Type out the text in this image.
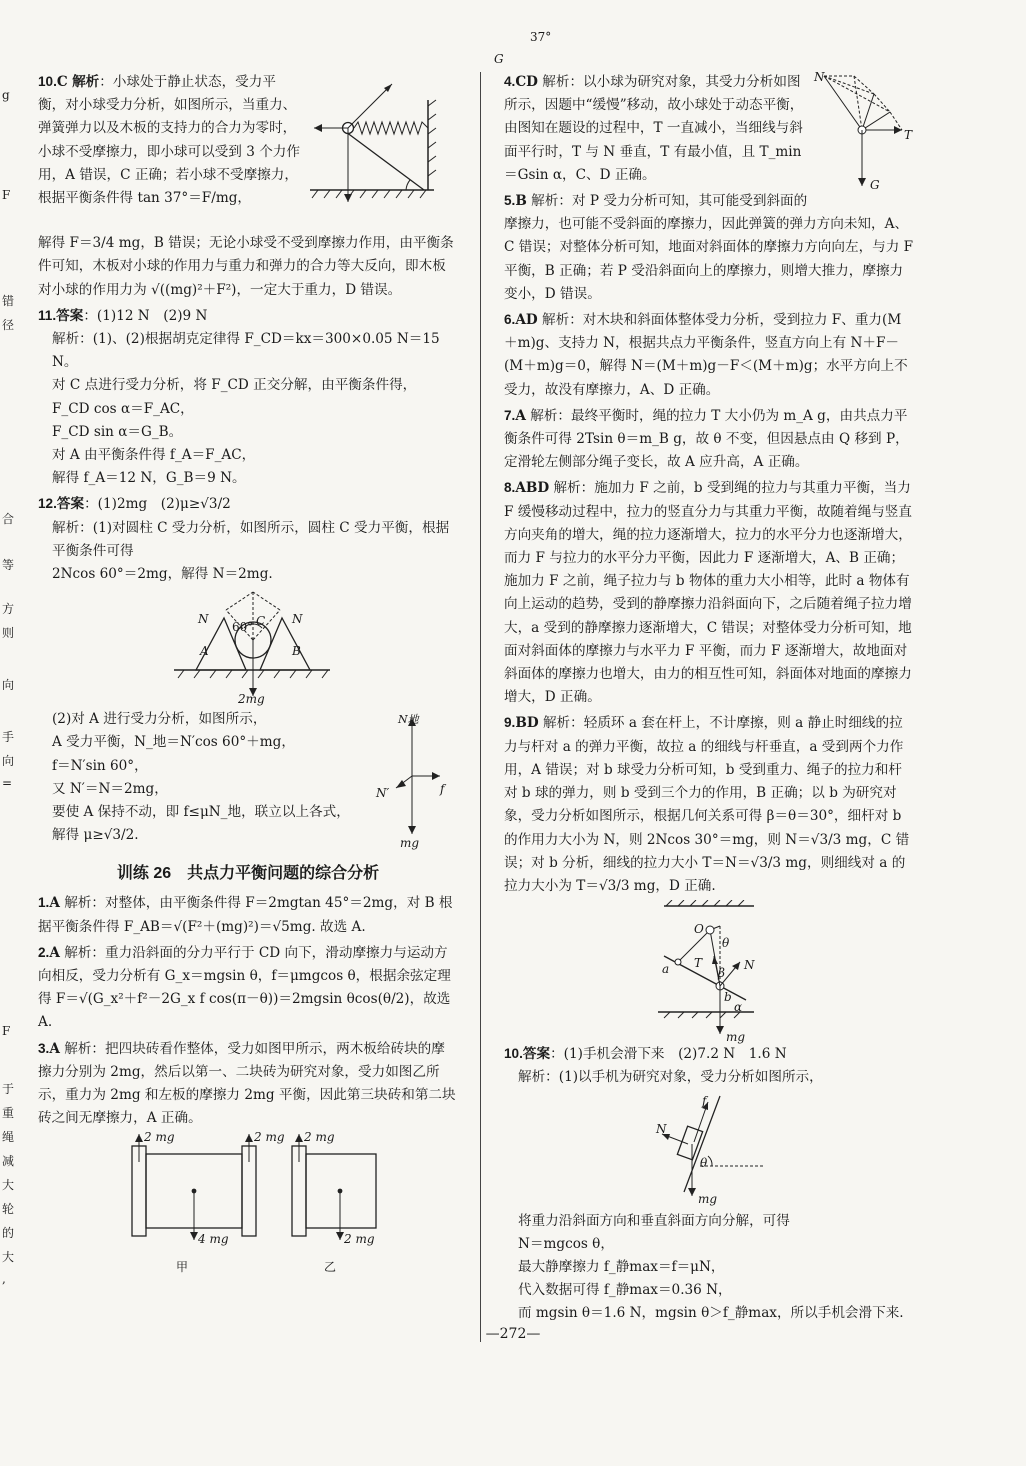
g
F
错
径
合
等
方
则
向
手
向
=
F
于
重
绳
减
大
轮
的
大
,
G
37°
10.C 解析：小球处于静止状态，受力平衡，对小球受力分析，如图所示，当重力、弹簧弹力以及木板的支持力的合力为零时，小球不受摩擦力，即小球可以受到 3 个力作用，A 错误，C 正确；若小球不受摩擦力，根据平衡条件得 tan 37°＝F/mg，
解得 F＝3/4 mg，B 错误；无论小球受不受到摩擦力作用，由平衡条件可知，木板对小球的作用力与重力和弹力的合力等大反向，即木板对小球的作用力为 √((mg)²＋F²)，一定大于重力，D 错误。
11.答案：(1)12 N　(2)9 N
解析：(1)、(2)根据胡克定律得 F_CD＝kx＝300×0.05 N＝15 N。
对 C 点进行受力分析，将 F_CD 正交分解，由平衡条件得，
F_CD cos α＝F_AC，
F_CD sin α＝G_B。
对 A 由平衡条件得 f_A＝F_AC，
解得 f_A＝12 N，G_B＝9 N。
12.答案：(1)2mg　(2)μ≥√3/2
解析：(1)对圆柱 C 受力分析，如图所示，圆柱 C 受力平衡，根据平衡条件可得
2Ncos 60°＝2mg，解得 N＝2mg.
N	N
C
60°
A	B
2mg
N地
N′	f
mg
(2)对 A 进行受力分析，如图所示，
A 受力平衡，N_地＝N′cos 60°＋mg，
f＝N′sin 60°，
又 N′＝N＝2mg，
要使 A 保持不动，即 f≤μN_地，联立以上各式，
解得 μ≥√3/2.
训练 26　共点力平衡问题的综合分析
1.A 解析：对整体，由平衡条件得 F＝2mgtan 45°＝2mg，对 B 根据平衡条件得 F_AB＝√(F²＋(mg)²)＝√5mg. 故选 A.
2.A 解析：重力沿斜面的分力平行于 CD 向下，滑动摩擦力与运动方向相反，受力分析有 G_x＝mgsin θ，f＝μmgcos θ，根据余弦定理得 F＝√(G_x²＋f²－2G_x f cos(π－θ))＝2mgsin θcos(θ/2)，故选 A.
3.A 解析：把四块砖看作整体，受力如图甲所示，两木板给砖块的摩擦力分别为 2mg，然后以第一、二块砖为研究对象，受力如图乙所示，重力为 2mg 和左板的摩擦力 2mg 平衡，因此第三块砖和第二块砖之间无摩擦力，A 正确。
2 mg	2 mg
4 mg
2 mg
2 mg
甲	乙
N
T
G
4.CD 解析：以小球为研究对象，其受力分析如图所示，因题中“缓慢”移动，故小球处于动态平衡，由图知在题设的过程中，T 一直减小，当细线与斜面平行时，T 与 N 垂直，T 有最小值，且 T_min＝Gsin α，C、D 正确。
5.B 解析：对 P 受力分析可知，其可能受到斜面的摩擦力，也可能不受斜面的摩擦力，因此弹簧的弹力方向未知，A、C 错误；对整体分析可知，地面对斜面体的摩擦力方向向左，与力 F 平衡，B 正确；若 P 受沿斜面向上的摩擦力，则增大推力，摩擦力变小，D 错误。
6.AD 解析：对木块和斜面体整体受力分析，受到拉力 F、重力(M＋m)g、支持力 N，根据共点力平衡条件，竖直方向上有 N＋F－(M＋m)g＝0，解得 N＝(M＋m)g－F＜(M＋m)g；水平方向上不受力，故没有摩擦力，A、D 正确。
7.A 解析：最终平衡时，绳的拉力 T 大小仍为 m_A g，由共点力平衡条件可得 2Tsin θ＝m_B g，故 θ 不变，但因悬点由 Q 移到 P，定滑轮左侧部分绳子变长，故 A 应升高，A 正确。
8.ABD 解析：施加力 F 之前，b 受到绳的拉力与其重力平衡，当力 F 缓慢移动过程中，拉力的竖直分力与其重力平衡，故随着绳与竖直方向夹角的增大，绳的拉力逐渐增大，拉力的水平分力也逐渐增大，而力 F 与拉力的水平分力平衡，因此力 F 逐渐增大，A、B 正确；施加力 F 之前，绳子拉力与 b 物体的重力大小相等，此时 a 物体有向上运动的趋势，受到的静摩擦力沿斜面向下，之后随着绳子拉力增大，a 受到的静摩擦力逐渐增大，C 错误；对整体受力分析可知，地面对斜面体的摩擦力与水平力 F 平衡，而力 F 逐渐增大，故地面对斜面体的摩擦力也增大，由力的相互性可知，斜面体对地面的摩擦力增大，D 正确。
9.BD 解析：轻质环 a 套在杆上，不计摩擦，则 a 静止时细线的拉力与杆对 a 的弹力平衡，故拉 a 的细线与杆垂直，a 受到两个力作用，A 错误；对 b 球受力分析可知，b 受到重力、绳子的拉力和杆对 b 球的弹力，则 b 受到三个力的作用，B 正确；以 b 为研究对象，受力分析如图所示，根据几何关系可得 β＝θ＝30°，细杆对 b 的作用力大小为 N，则 2Ncos 30°＝mg，则 N＝√3/3 mg，C 错误；对 b 分析，细线的拉力大小 T＝N＝√3/3 mg，则细线对 a 的拉力大小为 T＝√3/3 mg，D 正确.
O
a T
θ
β
N
b
α
mg
10.答案：(1)手机会滑下来　(2)7.2 N　1.6 N
解析：(1)以手机为研究对象，受力分析如图所示，
f
N
θ
mg
将重力沿斜面方向和垂直斜面方向分解，可得
N＝mgcos θ，
最大静摩擦力 f_静max＝f＝μN，
代入数据可得 f_静max＝0.36 N，
而 mgsin θ＝1.6 N，mgsin θ＞f_静max，所以手机会滑下来.
—272—
